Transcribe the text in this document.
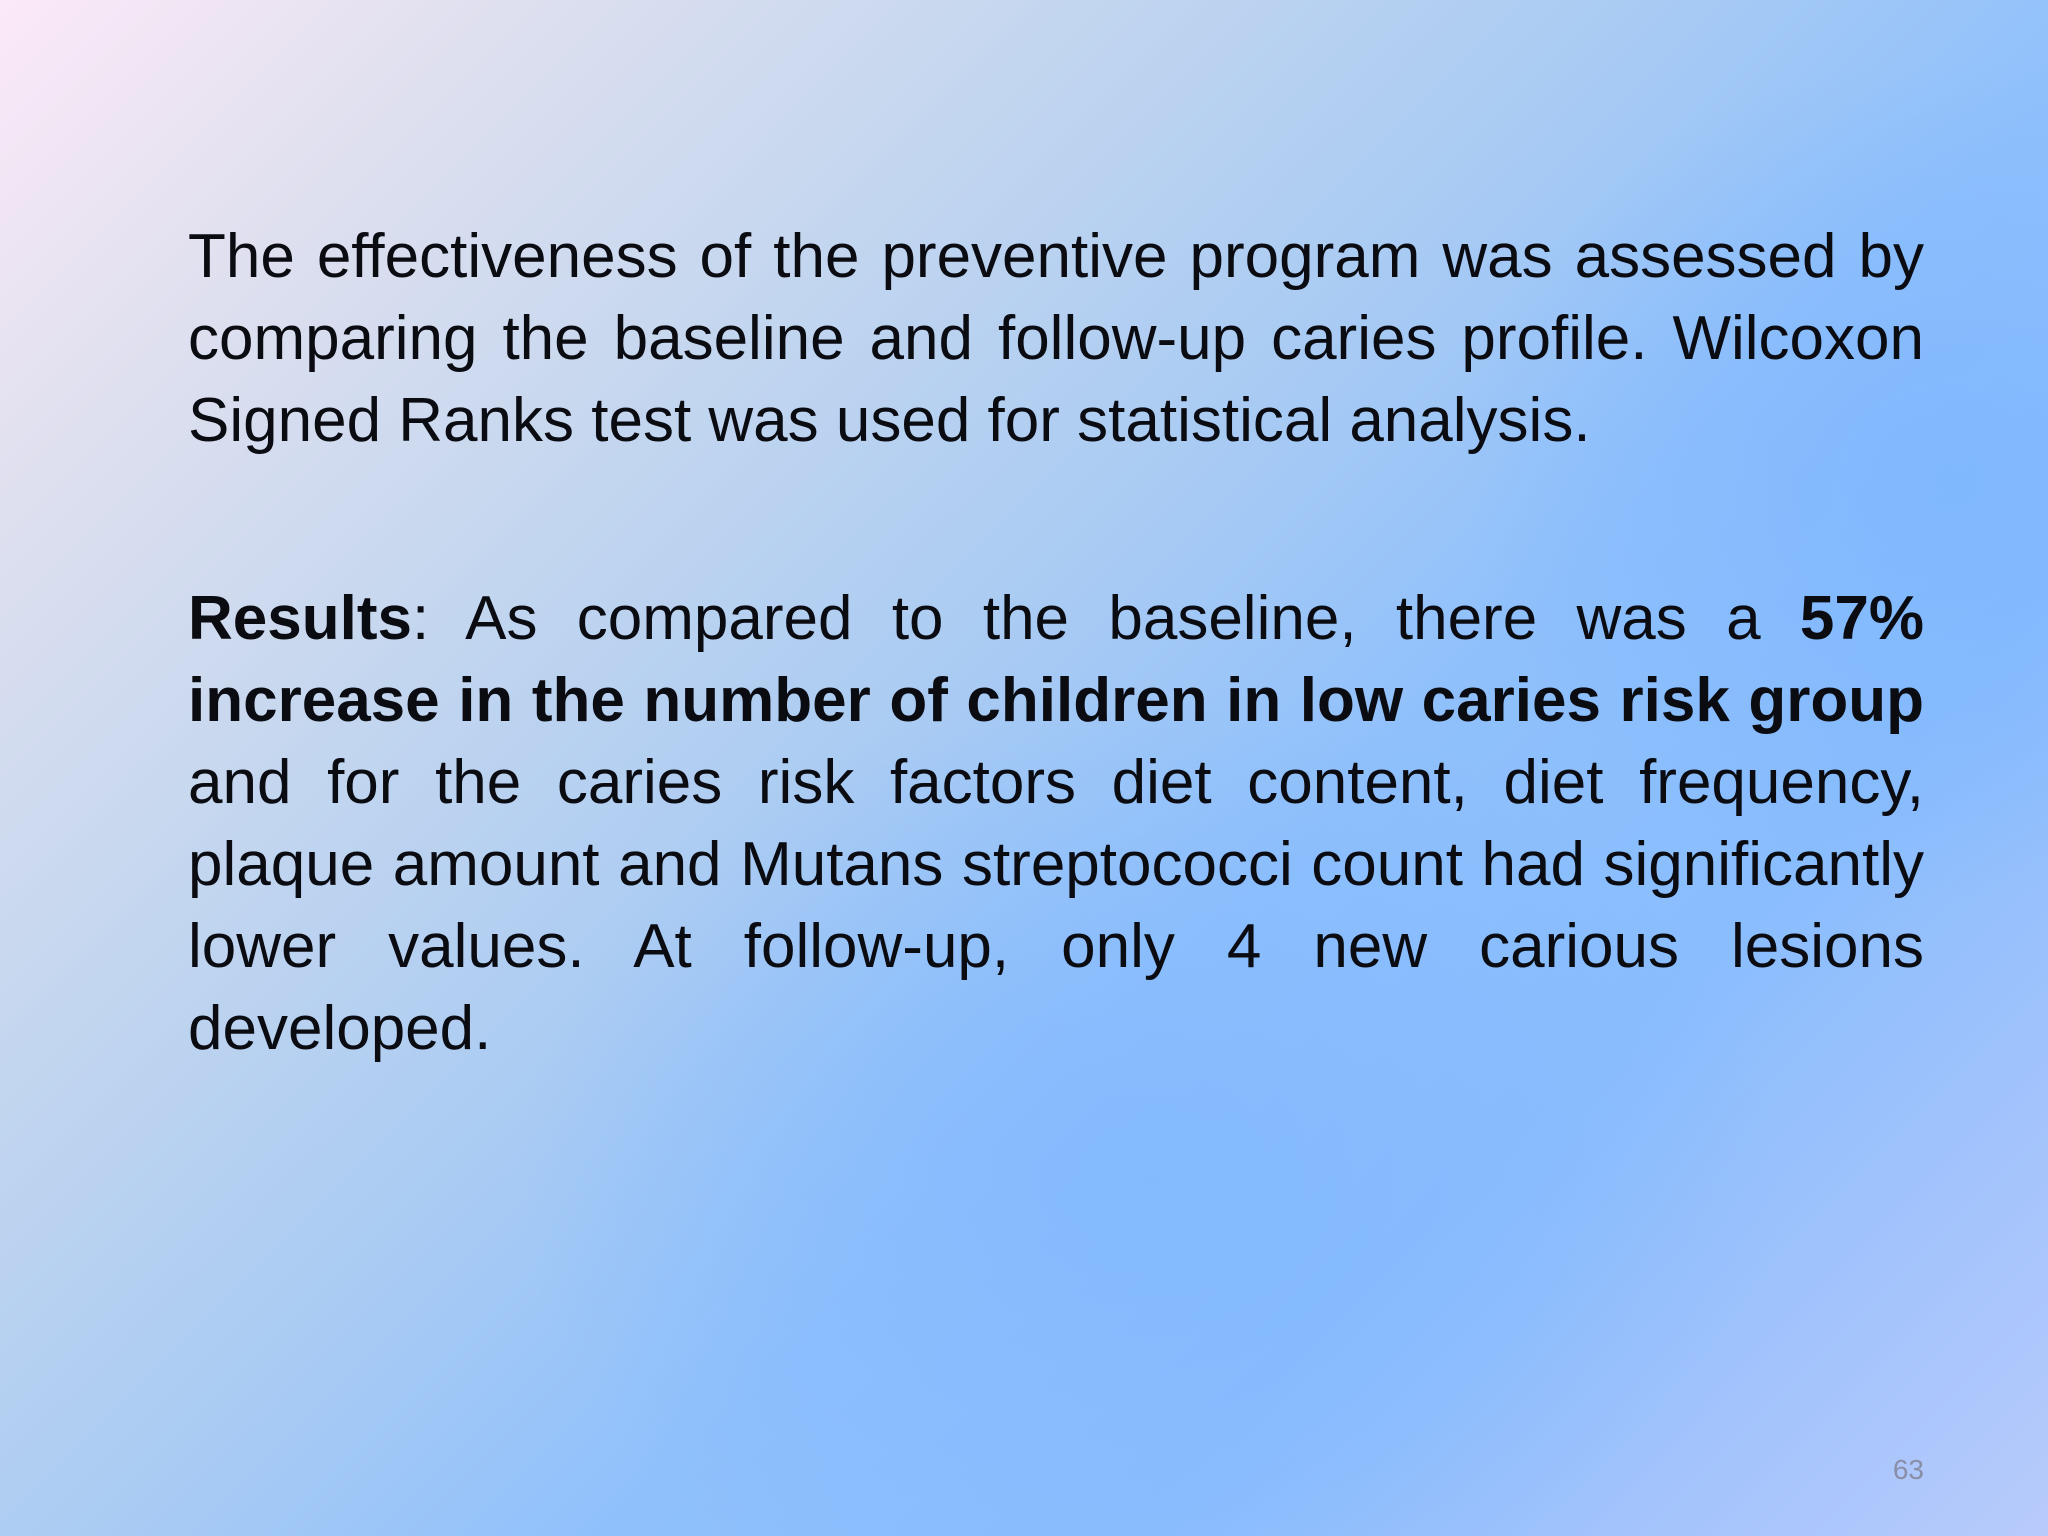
The effectiveness of the preventive program was assessed by comparing the baseline and follow-up caries profile. Wilcoxon Signed Ranks test was used for statistical analysis.

Results: As compared to the baseline, there was a 57% increase in the number of children in low caries risk group and for the caries risk factors diet content, diet frequency, plaque amount and Mutans streptococci count had significantly lower values. At follow-up, only 4 new carious lesions developed.

63
